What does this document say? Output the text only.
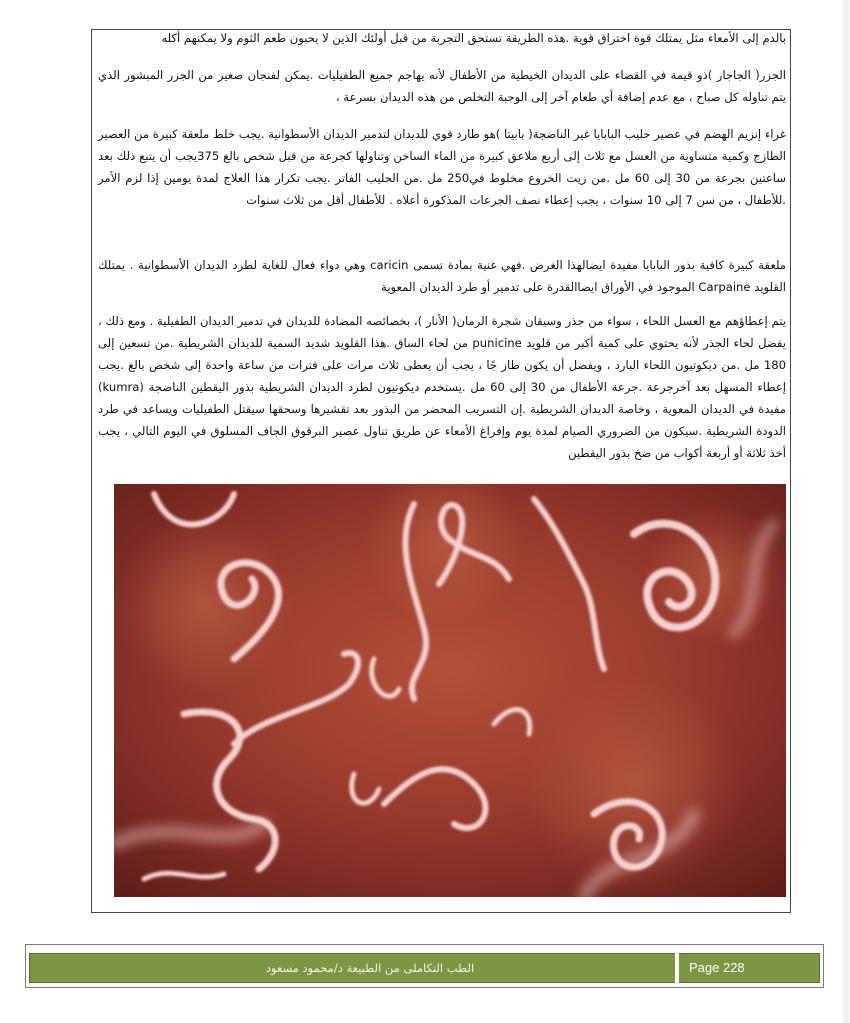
بالدم إلى الأمعاء مثل يمتلك قوة اختراق قوية .هذه الطريقة تستحق التجربة من قبل أولئك الذين لا يحبون طعم الثوم ولا يمكنهم أكله

الجزر( الجاجار )ذو قيمة في القضاء على الديدان الخيطية من الأطفال لأنه يهاجم جميع الطفيليات .يمكن لفنجان صغير من الجزر المبشور الذي يتم تناوله كل صباح ، مع عدم إضافة أي طعام آخر إلى الوجبة التخلص من هذه الديدان بسرعة ،

غراء إنزيم الهضم في عصير حليب البابايا غير الناضجة( بابيتا )هو طارد قوي للديدان لتدمير الديدان الأسطوانية .يجب خلط ملعقة كبيرة من العصير الطازج وكمية متساوية من العسل مع ثلاث إلى أربع ملاعق كبيرة من الماء الساخن وتناولها كجرعة من قبل شخص بالغ 375يجب أن يتبع ذلك بعد ساعتين بجرعة من 30 إلى 60 مل .من زيت الخروع مخلوط في250 مل .من الحليب الفاتر .يجب تكرار هذا العلاج لمدة يومين إذا لزم الأمر .للأطفال ، من سن 7 إلى 10 سنوات ، يجب إعطاء نصف الجرعات المذكورة أعلاه . للأطفال أقل من ثلاث سنوات

ملعقة كبيرة كافية بذور البابايا مفيدة ايضالهذا الغرض .فهي غنية بمادة تسمى caricin وهي دواء فعال للغاية لطرد الديدان الأسطوانية . يمتلك القلويد Carpaine الموجود في الأوراق ايضاالقدرة على تدمير أو طرد الديدان المعوية

يتم إعطاؤهم مع العسل اللحاء ، سواء من جذر وسيقان شجرة الرمان( الأنار )، بخصائصه المضادة للديدان في تدمير الديدان الطفيلية . ومع ذلك ، يفضل لحاء الجذر لأنه يحتوي على كمية أكبر من قلويد punicine من لحاء الساق .هذا القلويد شديد السمية للديدان الشريطية .من تسعين إلى 180 مل .من ديكوتيون اللحاء البارد ، ويفضل أن يكون طاز جًا ، يجب أن يعطى ثلاث مرات على فترات من ساعة واحدة إلى شخص بالغ .يجب إعطاء المسهل بعد آخرجرعة .جرعة الأطفال من 30 إلى 60 مل .يستخدم ديكوتيون لطرد الديدان الشريطية بذور اليقطين الناضجة (kumra) مفيدة في الديدان المعوية ، وخاصة الديدان الشريطية .إن التسريب المحضر من البذور بعد تقشيرها وسحقها سيقتل الطفيليات ويساعد في طرد الدودة الشريطية .سيكون من الضروري الصيام لمدة يوم وإفراغ الأمعاء عن طريق تناول عصير البرقوق الجاف المسلوق في اليوم التالي ، يجب أخذ ثلاثة أو أربعة أكواب من ضخ بذور اليقطين

الطب التكاملى من الطبيعة د/محمود مسعود	Page 228
